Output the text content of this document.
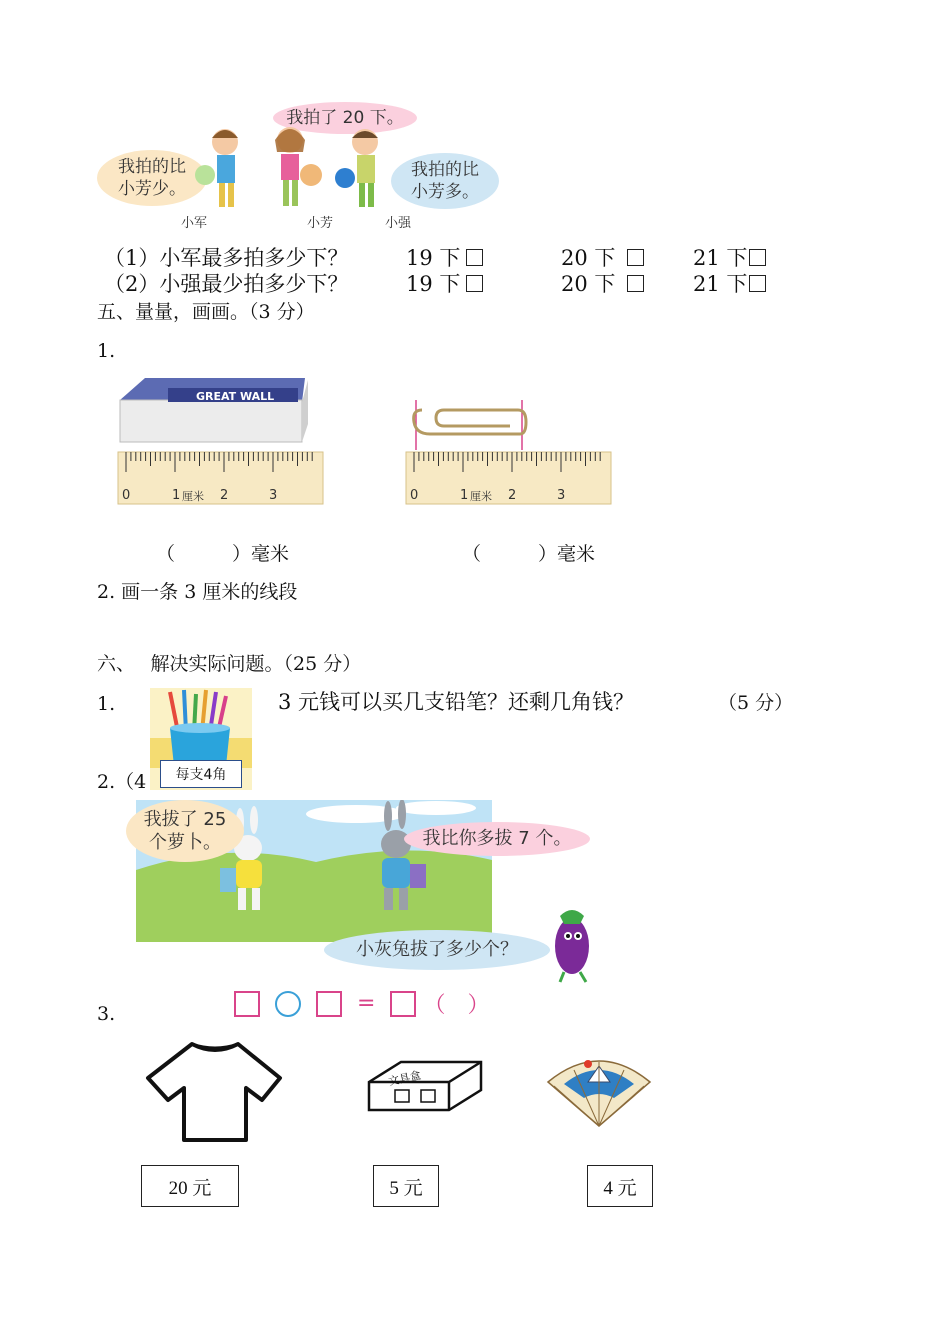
我拍的比
小芳少。
我拍了 20 下。
我拍的比
小芳多。
小军	小芳	小强
（1）小军最多拍多少下？	19 下	20 下	21 下
（2）小强最少拍多少下？	19 下	20 下	21 下
五、量量，画画。（3 分）
1.
GREAT WALL
0	1 厘米 2	3	0	1 厘米 2	3
（　　　）毫米	（　　　）毫米
2. 画一条 3 厘米的线段
六、　 解决实际问题。（25 分）
1.
每支4角
3 元钱可以买几支铅笔？还剩几角钱？	（5 分）
2.（4
我拔了 25
个萝卜。	我比你多拔 7 个。
小灰兔拔了多少个？
= （　）
3.
文具盒
20 元	5 元	4 元
